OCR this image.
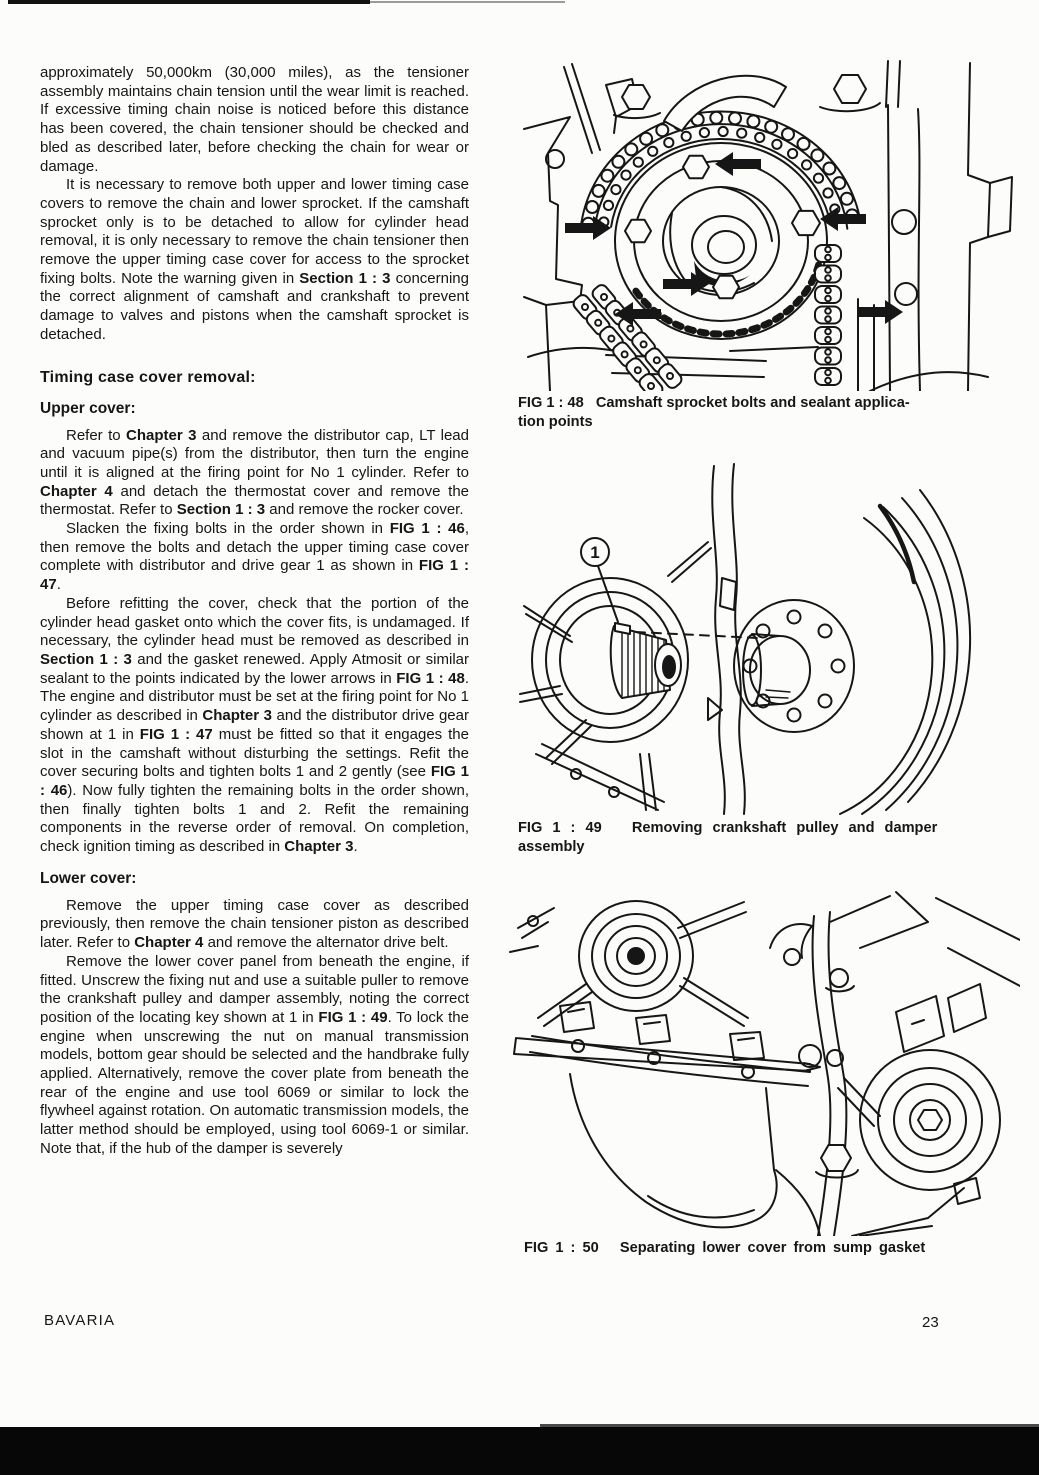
approximately 50,000km (30,000 miles), as the tensioner assembly maintains chain tension until the wear limit is reached. If excessive timing chain noise is noticed before this distance has been covered, the chain tensioner should be checked and bled as described later, before checking the chain for wear or damage.

It is necessary to remove both upper and lower timing case covers to remove the chain and lower sprocket. If the camshaft sprocket only is to be detached to allow for cylinder head removal, it is only necessary to remove the chain tensioner then remove the upper timing case cover for access to the sprocket fixing bolts. Note the warning given in Section 1 : 3 concerning the correct alignment of camshaft and crankshaft to prevent damage to valves and pistons when the camshaft sprocket is detached.

Timing case cover removal:
Upper cover:

Refer to Chapter 3 and remove the distributor cap, LT lead and vacuum pipe(s) from the distributor, then turn the engine until it is aligned at the firing point for No 1 cylinder. Refer to Chapter 4 and detach the thermostat cover and remove the thermostat. Refer to Section 1 : 3 and remove the rocker cover.

Slacken the fixing bolts in the order shown in FIG 1 : 46, then remove the bolts and detach the upper timing case cover complete with distributor and drive gear 1 as shown in FIG 1 : 47.

Before refitting the cover, check that the portion of the cylinder head gasket onto which the cover fits, is undamaged. If necessary, the cylinder head must be removed as described in Section 1 : 3 and the gasket renewed. Apply Atmosit or similar sealant to the points indicated by the lower arrows in FIG 1 : 48. The engine and distributor must be set at the firing point for No 1 cylinder as described in Chapter 3 and the distributor drive gear shown at 1 in FIG 1 : 47 must be fitted so that it engages the slot in the camshaft without disturbing the settings. Refit the cover securing bolts and tighten bolts 1 and 2 gently (see FIG 1 : 46). Now fully tighten the remaining bolts in the order shown, then finally tighten bolts 1 and 2. Refit the remaining components in the reverse order of removal. On completion, check ignition timing as described in Chapter 3.

Lower cover:

Remove the upper timing case cover as described previously, then remove the chain tensioner piston as described later. Refer to Chapter 4 and remove the alternator drive belt.

Remove the lower cover panel from beneath the engine, if fitted. Unscrew the fixing nut and use a suitable puller to remove the crankshaft pulley and damper assembly, noting the correct position of the locating key shown at 1 in FIG 1 : 49. To lock the engine when unscrewing the nut on manual transmission models, bottom gear should be selected and the handbrake fully applied. Alternatively, remove the cover plate from beneath the rear of the engine and use tool 6069 or similar to lock the flywheel against rotation. On automatic transmission models, the latter method should be employed, using tool 6069-1 or similar. Note that, if the hub of the damper is severely

FIG 1 : 48   Camshaft sprocket bolts and sealant applica-
tion points
1
FIG 1 : 49   Removing crankshaft pulley and damper
assembly
FIG 1 : 50   Separating lower cover from sump gasket
BAVARIA	23
